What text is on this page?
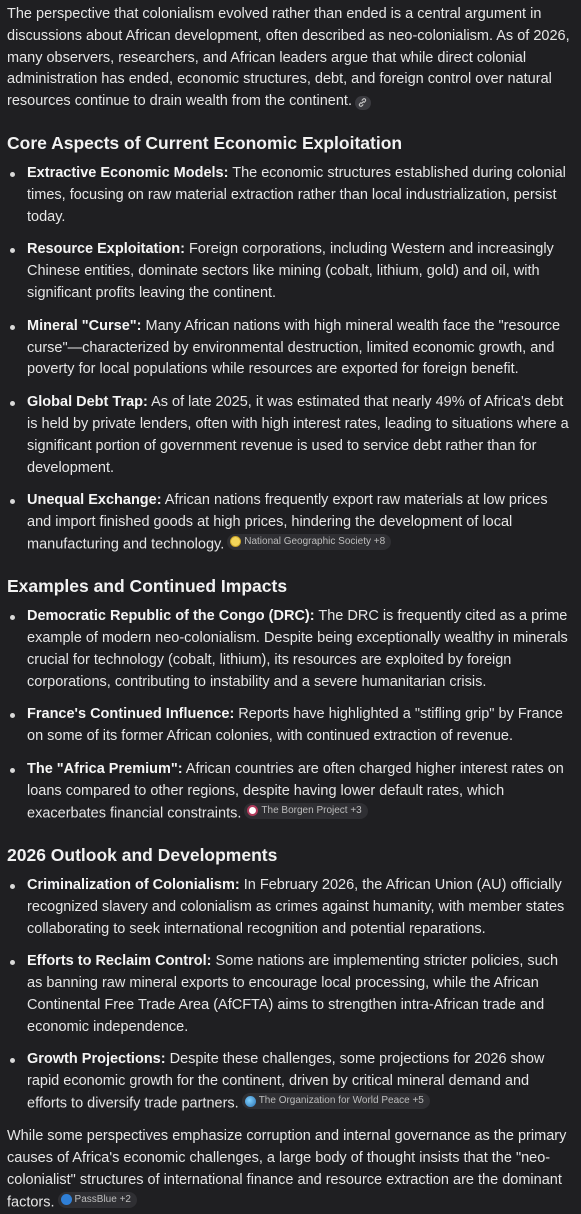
The perspective that colonialism evolved rather than ended is a central argument in discussions about African development, often described as neo-colonialism. As of 2026, many observers, researchers, and African leaders argue that while direct colonial administration has ended, economic structures, debt, and foreign control over natural resources continue to drain wealth from the continent.

Core Aspects of Current Economic Exploitation
Extractive Economic Models: The economic structures established during colonial times, focusing on raw material extraction rather than local industrialization, persist today.
Resource Exploitation: Foreign corporations, including Western and increasingly Chinese entities, dominate sectors like mining (cobalt, lithium, gold) and oil, with significant profits leaving the continent.
Mineral "Curse": Many African nations with high mineral wealth face the "resource curse"—characterized by environmental destruction, limited economic growth, and poverty for local populations while resources are exported for foreign benefit.
Global Debt Trap: As of late 2025, it was estimated that nearly 49% of Africa's debt is held by private lenders, often with high interest rates, leading to situations where a significant portion of government revenue is used to service debt rather than for development.
Unequal Exchange: African nations frequently export raw materials at low prices and import finished goods at high prices, hindering the development of local manufacturing and technology. National Geographic Society +8
Examples and Continued Impacts
Democratic Republic of the Congo (DRC): The DRC is frequently cited as a prime example of modern neo-colonialism. Despite being exceptionally wealthy in minerals crucial for technology (cobalt, lithium), its resources are exploited by foreign corporations, contributing to instability and a severe humanitarian crisis.
France's Continued Influence: Reports have highlighted a "stifling grip" by France on some of its former African colonies, with continued extraction of revenue.
The "Africa Premium": African countries are often charged higher interest rates on loans compared to other regions, despite having lower default rates, which exacerbates financial constraints. The Borgen Project +3
2026 Outlook and Developments
Criminalization of Colonialism: In February 2026, the African Union (AU) officially recognized slavery and colonialism as crimes against humanity, with member states collaborating to seek international recognition and potential reparations.
Efforts to Reclaim Control: Some nations are implementing stricter policies, such as banning raw mineral exports to encourage local processing, while the African Continental Free Trade Area (AfCFTA) aims to strengthen intra-African trade and economic independence.
Growth Projections: Despite these challenges, some projections for 2026 show rapid economic growth for the continent, driven by critical mineral demand and efforts to diversify trade partners. The Organization for World Peace +5

While some perspectives emphasize corruption and internal governance as the primary causes of Africa's economic challenges, a large body of thought insists that the "neo-colonialist" structures of international finance and resource extraction are the dominant factors. PassBlue +2
